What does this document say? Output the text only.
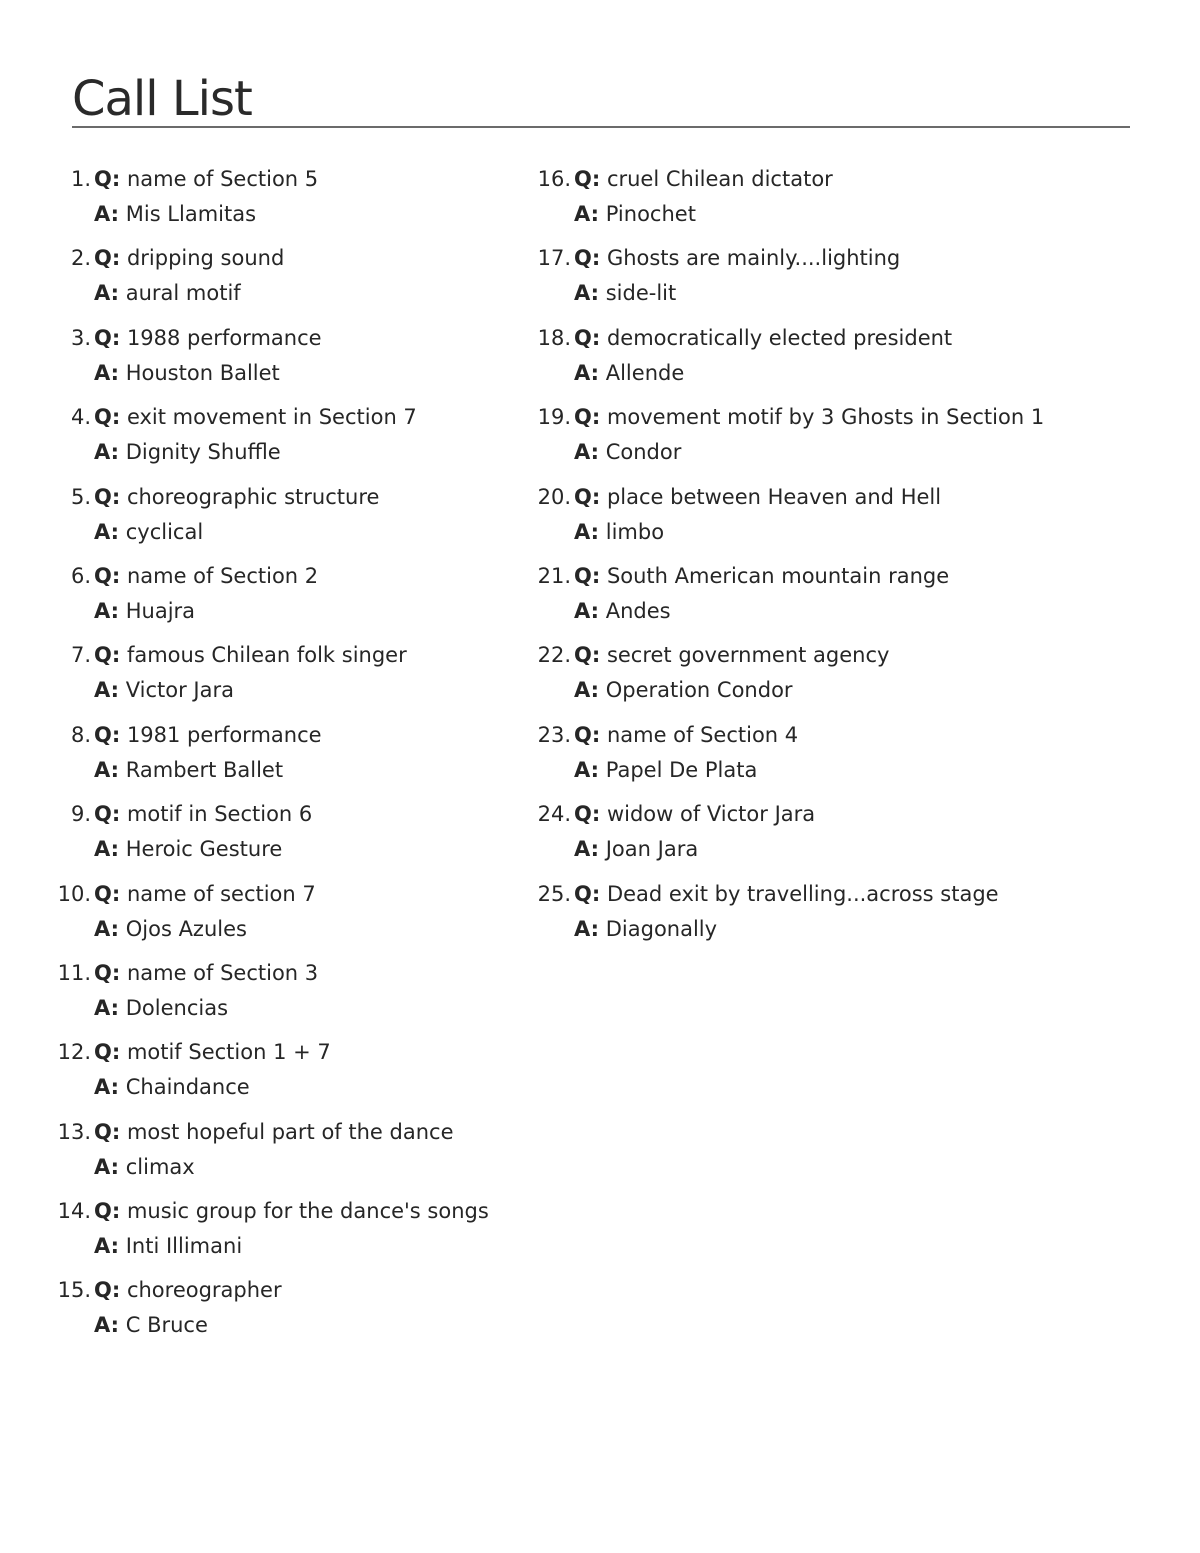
Call List
1. Q: name of Section 5
A: Mis Llamitas
2. Q: dripping sound
A: aural motif
3. Q: 1988 performance
A: Houston Ballet
4. Q: exit movement in Section 7
A: Dignity Shuffle
5. Q: choreographic structure
A: cyclical
6. Q: name of Section 2
A: Huajra
7. Q: famous Chilean folk singer
A: Victor Jara
8. Q: 1981 performance
A: Rambert Ballet
9. Q: motif in Section 6
A: Heroic Gesture
10. Q: name of section 7
A: Ojos Azules
11. Q: name of Section 3
A: Dolencias
12. Q: motif Section 1 + 7
A: Chaindance
13. Q: most hopeful part of the dance
A: climax
14. Q: music group for the dance's songs
A: Inti Illimani
15. Q: choreographer
A: C Bruce
16. Q: cruel Chilean dictator
A: Pinochet
17. Q: Ghosts are mainly....lighting
A: side-lit
18. Q: democratically elected president
A: Allende
19. Q: movement motif by 3 Ghosts in Section 1
A: Condor
20. Q: place between Heaven and Hell
A: limbo
21. Q: South American mountain range
A: Andes
22. Q: secret government agency
A: Operation Condor
23. Q: name of Section 4
A: Papel De Plata
24. Q: widow of Victor Jara
A: Joan Jara
25. Q: Dead exit by travelling...across stage
A: Diagonally
